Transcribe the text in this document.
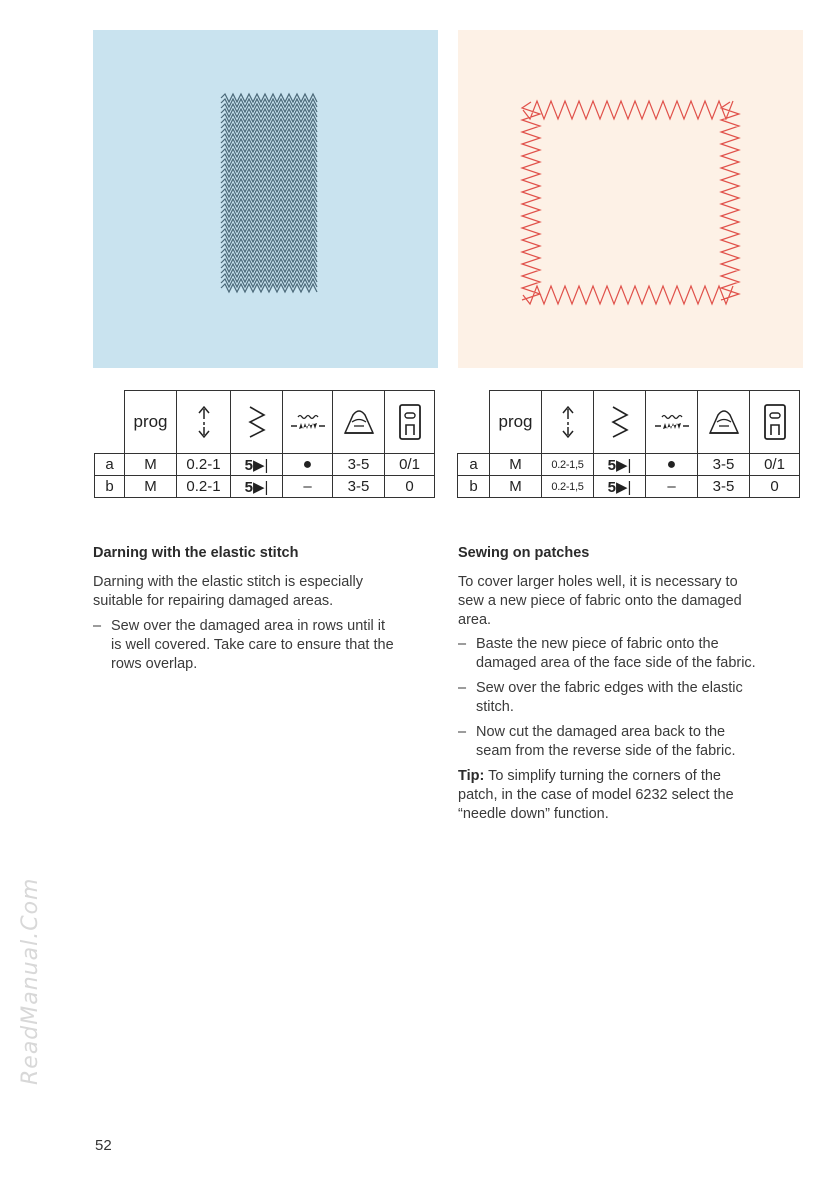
	prog					
a	M	0.2-1	5▶︎|	●	3-5	0/1
b	M	0.2-1	5▶︎|	–	3-5	0
	prog					
a	M	0.2-1,5	5▶︎|	●	3-5	0/1
b	M	0.2-1,5	5▶︎|	–	3-5	0
Darning with the elastic stitch

Darning with the elastic stitch is especially

suitable for repairing damaged areas.

– Sew over the damaged area in rows until it
is well covered. Take care to ensure that the
rows overlap.
Sewing on patches

To cover larger holes well, it is necessary to

sew a new piece of fabric onto the damaged

area.

– Baste the new piece of fabric onto the
damaged area of the face side of the fabric.
– Sew over the fabric edges with the elastic
stitch.
– Now cut the damaged area back to the
seam from the reverse side of the fabric.

Tip: To simplify turning the corners of the

patch, in the case of model 6232 select the

“needle down” function.

ReadManual.Com
52
